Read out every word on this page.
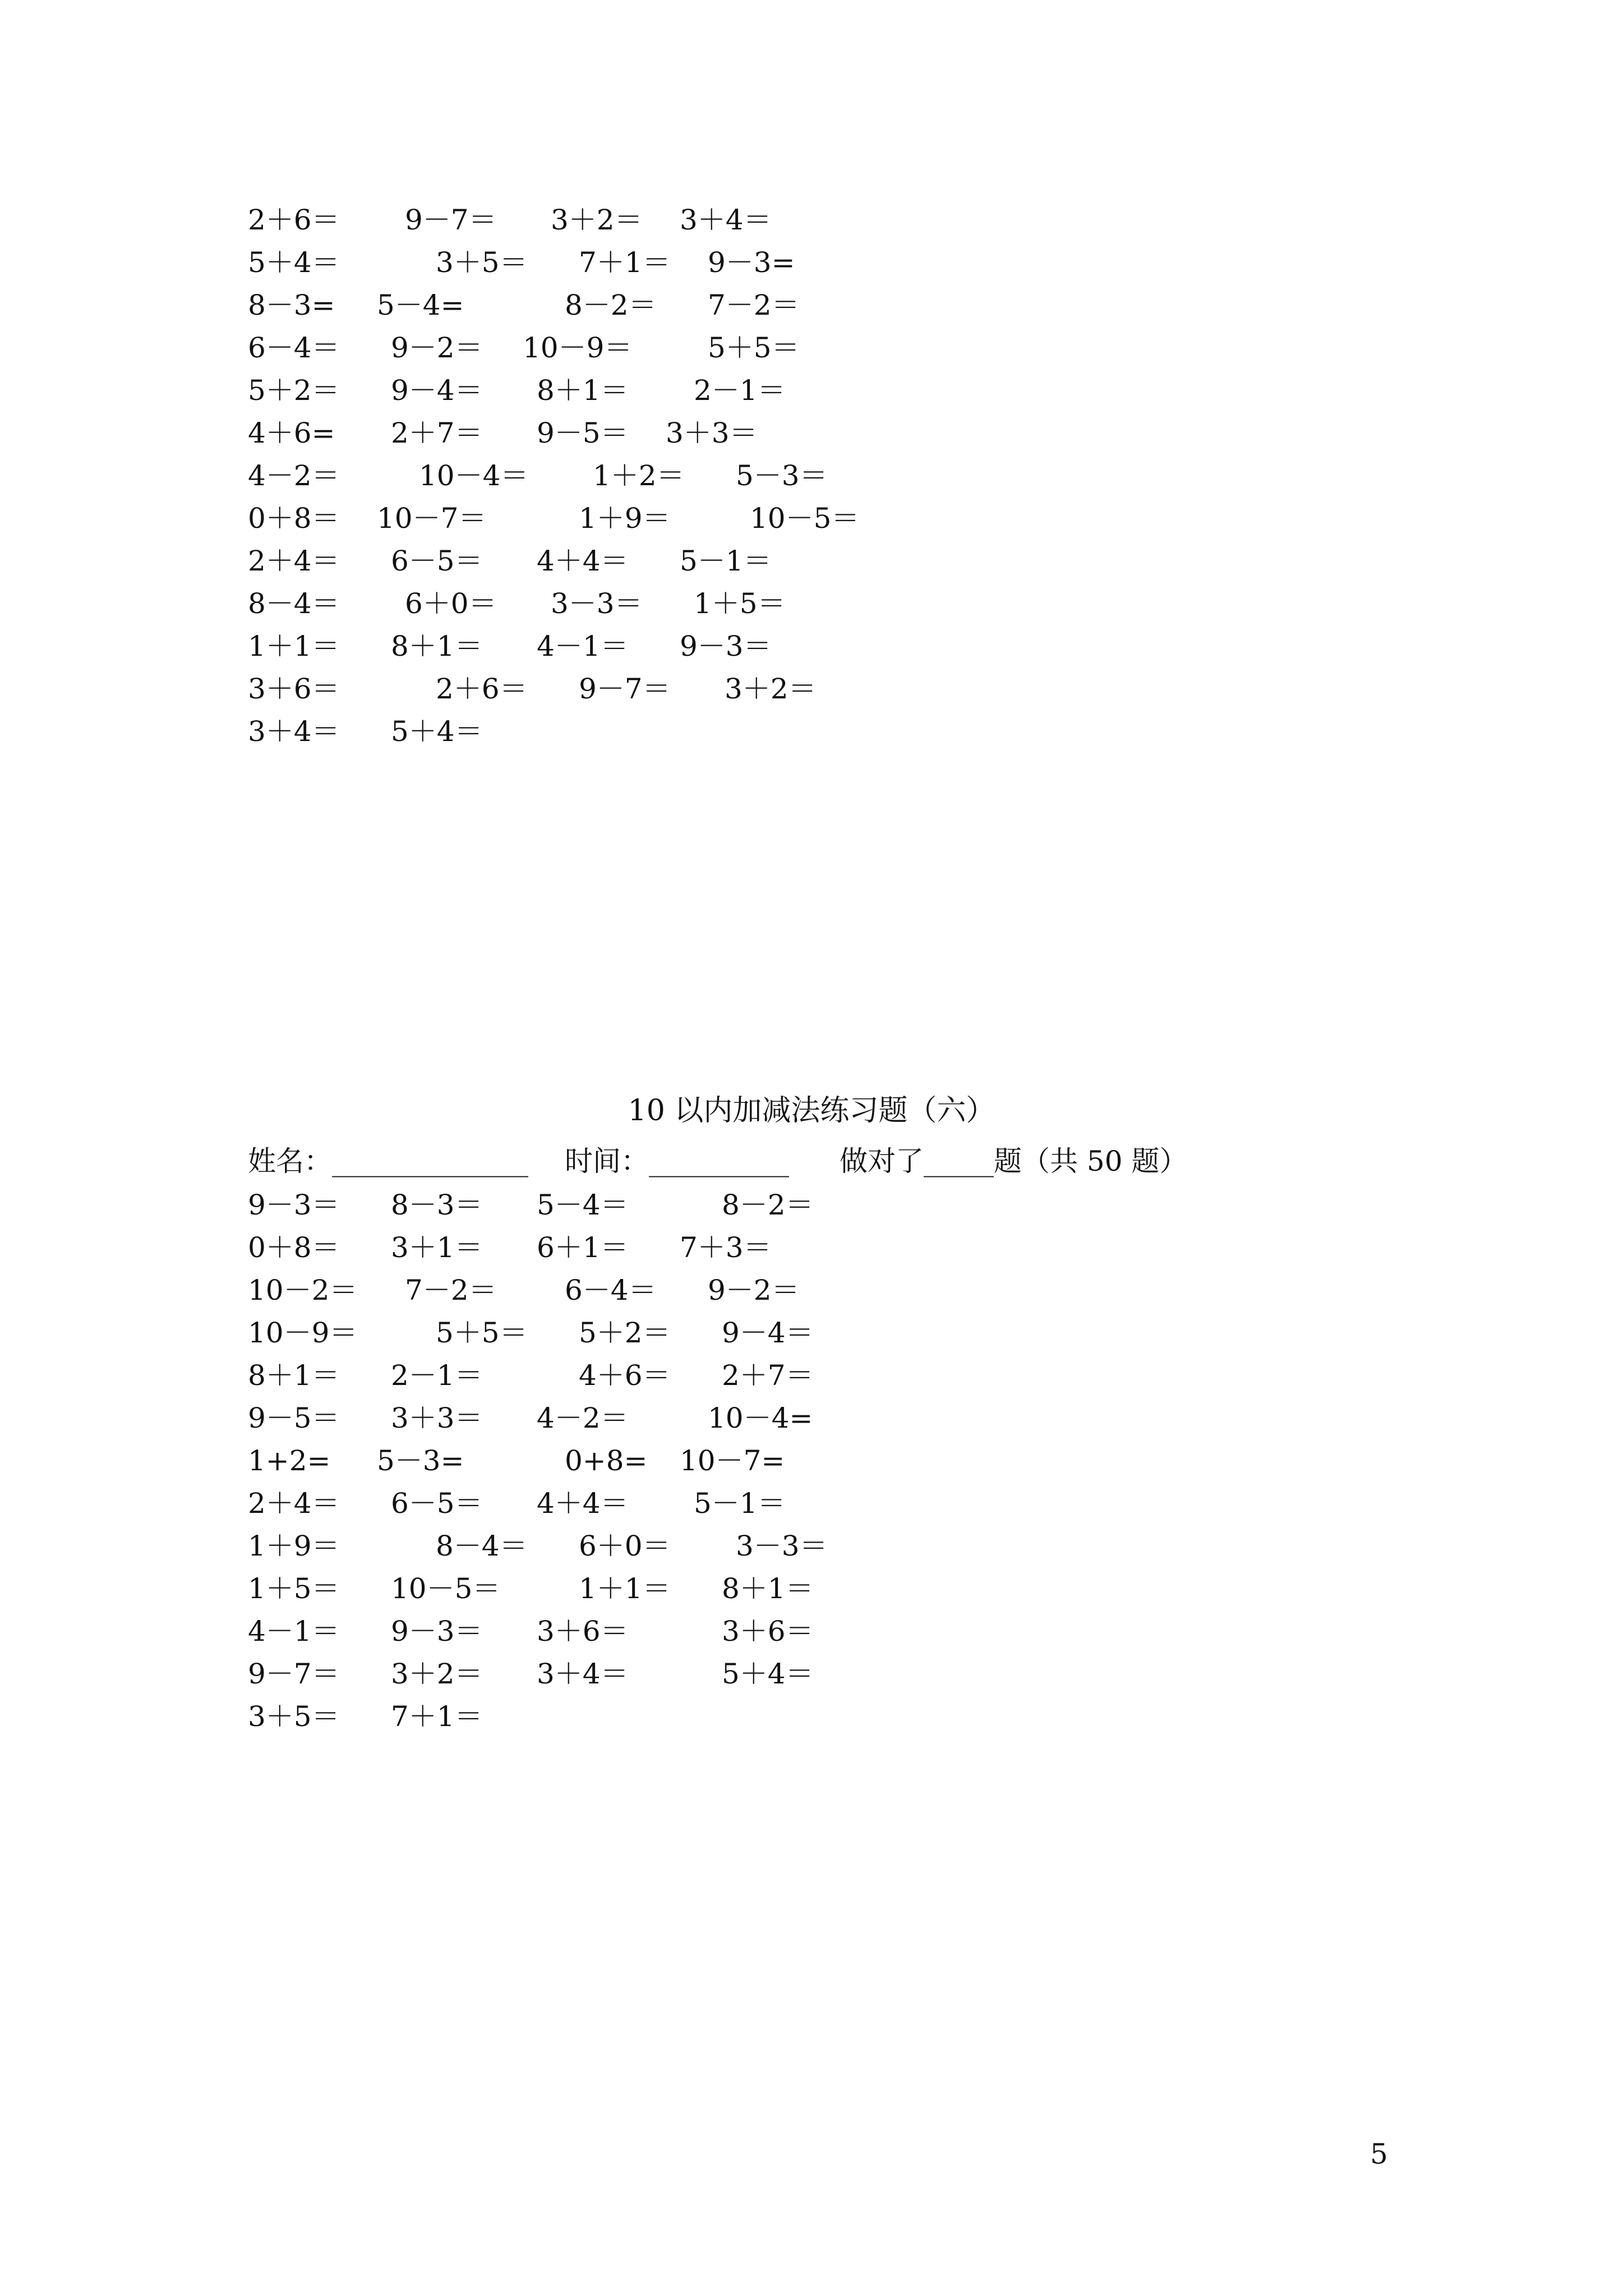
2＋6＝ 9－7＝ 3＋2＝ 3＋4＝
5＋4＝	3＋5＝ 7＋1＝ 9－3=
8－3= 5－4=	8－2＝ 7－2＝
6－4＝ 9－2＝ 10－9＝	5＋5＝
5＋2＝ 9－4＝ 8＋1＝ 2－1＝
4＋6= 2＋7＝ 9－5＝ 3＋3＝
4－2＝	10－4＝ 1＋2＝ 5－3＝
0＋8＝ 10－7＝	1＋9＝	10－5＝
2＋4＝ 6－5＝ 4＋4＝ 5－1＝
8－4＝ 6＋0＝ 3－3＝ 1＋5＝
1＋1＝ 8＋1＝ 4－1＝ 9－3＝
3＋6＝	2＋6＝ 9－7＝ 3＋2＝
3＋4＝ 5＋4＝
10 以内加减法练习题（六）
姓名： ______________ 时间： __________ 做对了_____题（共 50 题）
9－3＝ 8－3＝ 5－4＝	8－2＝
0＋8＝ 3＋1＝ 6＋1＝ 7＋3＝
10－2＝ 7－2＝ 6－4＝ 9－2＝
10－9＝	5＋5＝ 5＋2＝ 9－4＝
8＋1＝ 2－1＝	4＋6＝ 2＋7＝
9－5＝ 3＋3＝ 4－2＝	10－4=
1+2= 5－3=	0+8= 10－7=
2＋4＝ 6－5＝ 4＋4＝ 5－1＝
1＋9＝	8－4＝ 6＋0＝ 3－3＝
1＋5＝ 10－5＝	1＋1＝ 8＋1＝
4－1＝ 9－3＝ 3＋6＝	3＋6＝
9－7＝ 3＋2＝ 3＋4＝	5＋4＝
3＋5＝ 7＋1＝
5
